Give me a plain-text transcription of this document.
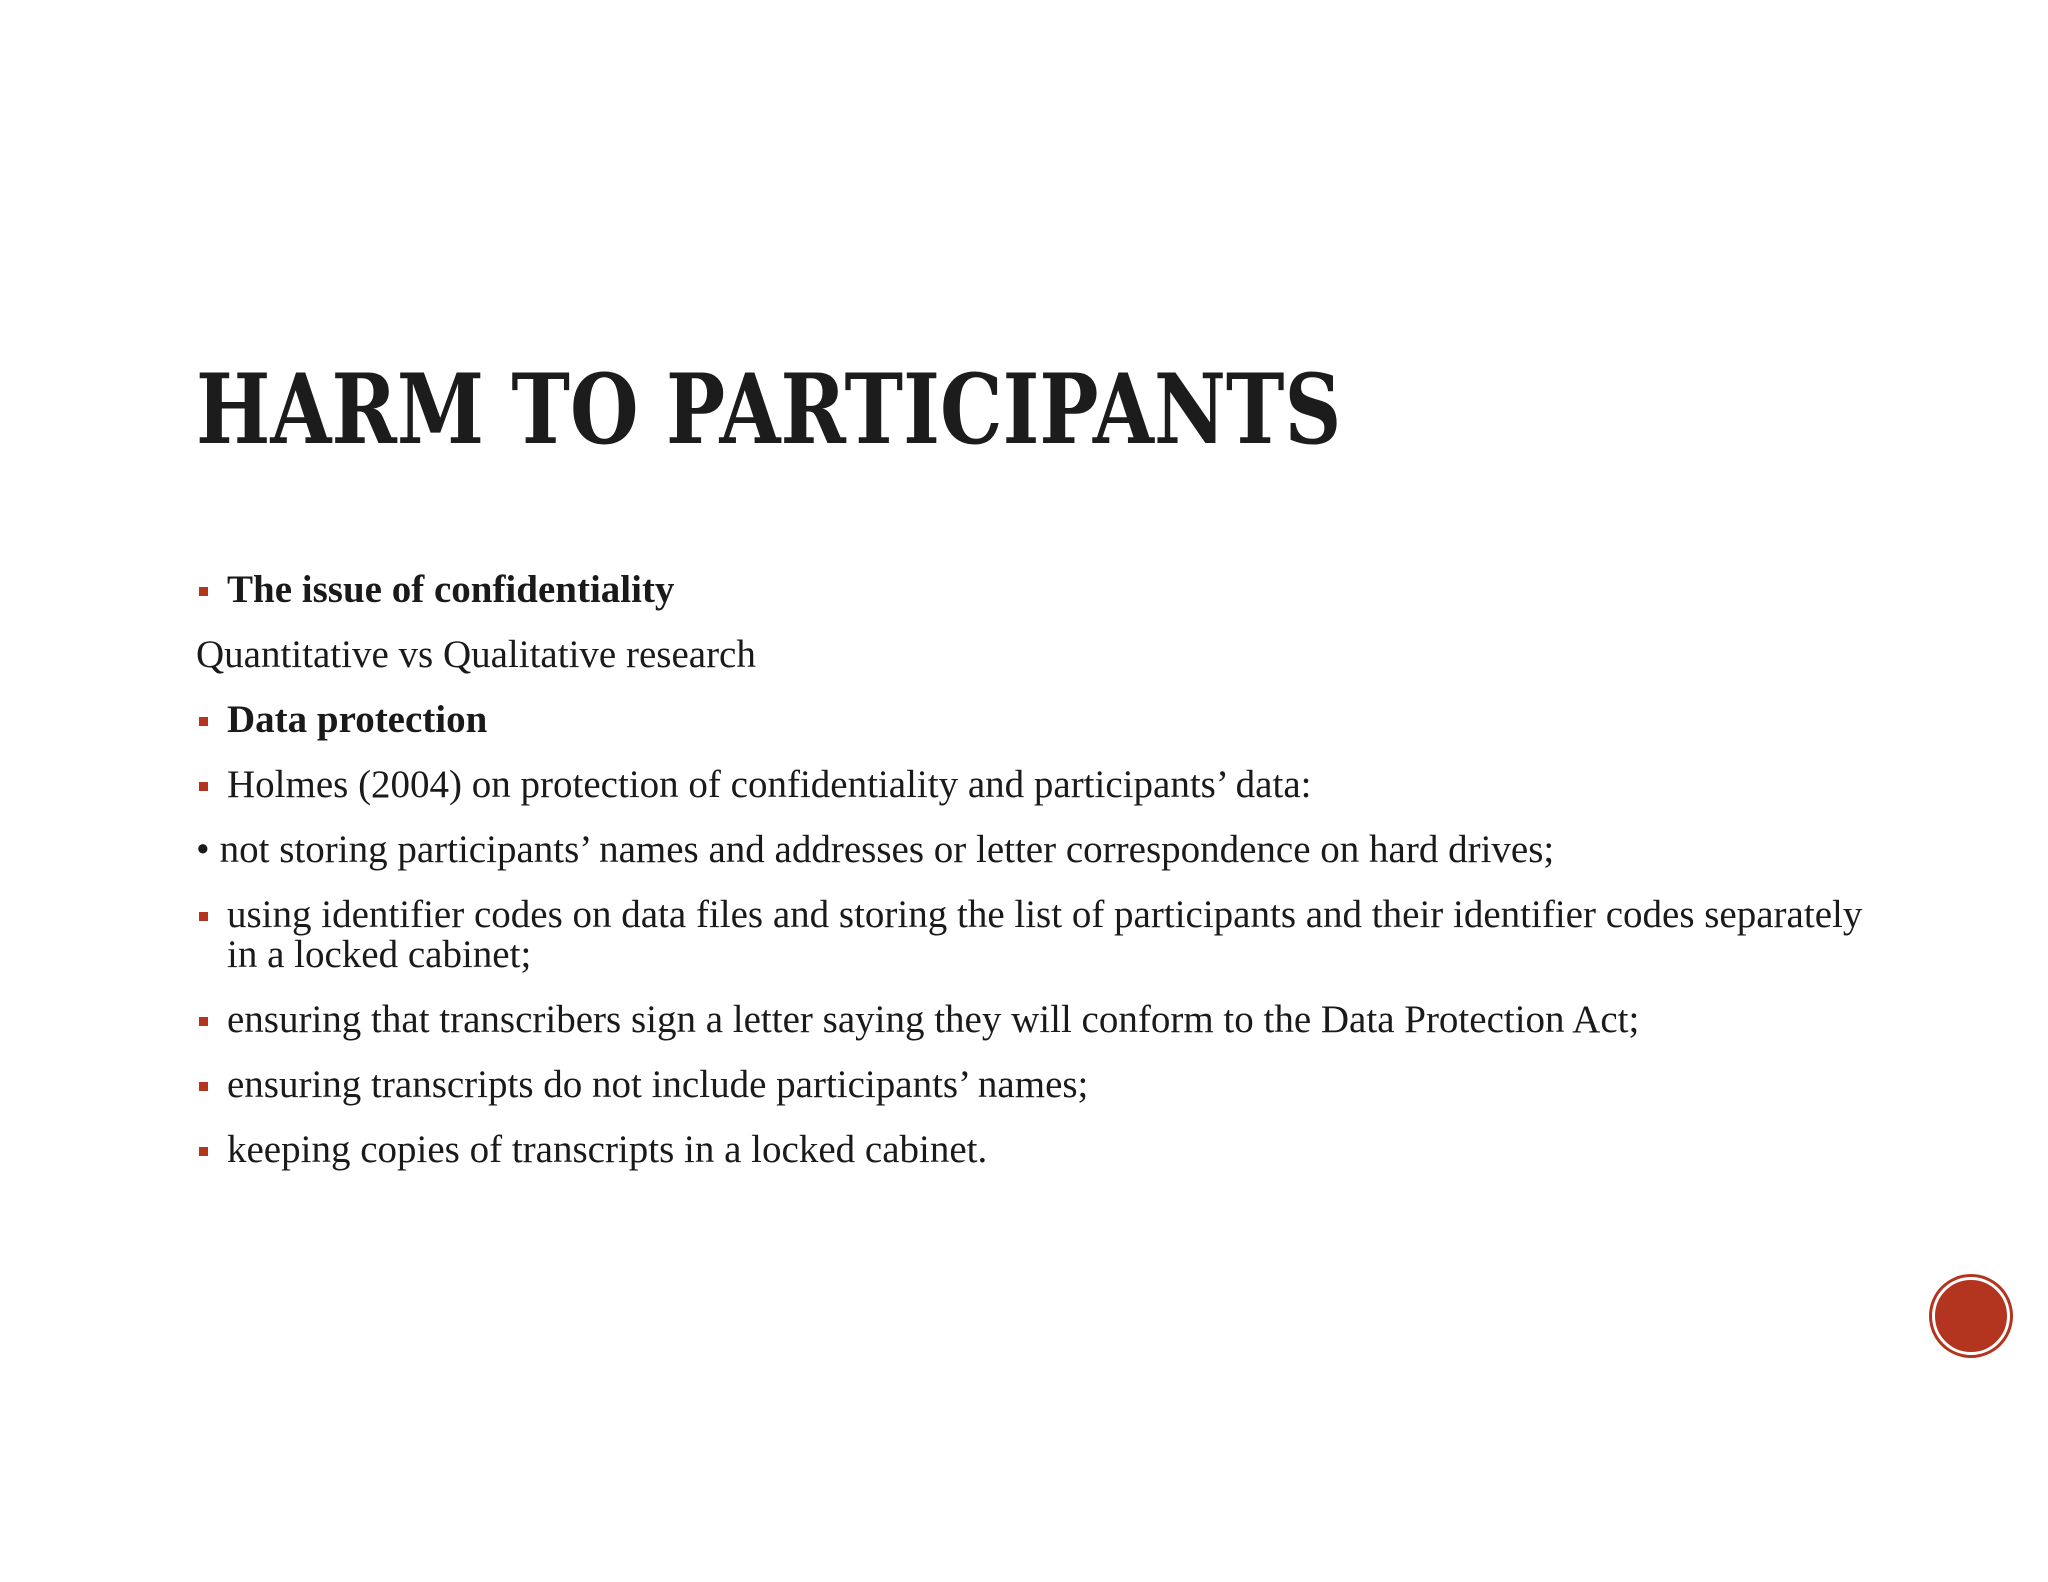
HARM TO PARTICIPANTS
The issue of confidentiality
Quantitative vs Qualitative research
Data protection
Holmes (2004) on protection of confidentiality and participants’ data:
• not storing participants’ names and addresses or letter correspondence on hard drives;
using identifier codes on data files and storing the list of participants and their identifier codes separately in a locked cabinet;
ensuring that transcribers sign a letter saying they will conform to the Data Protection Act;
ensuring transcripts do not include participants’ names;
keeping copies of transcripts in a locked cabinet.
